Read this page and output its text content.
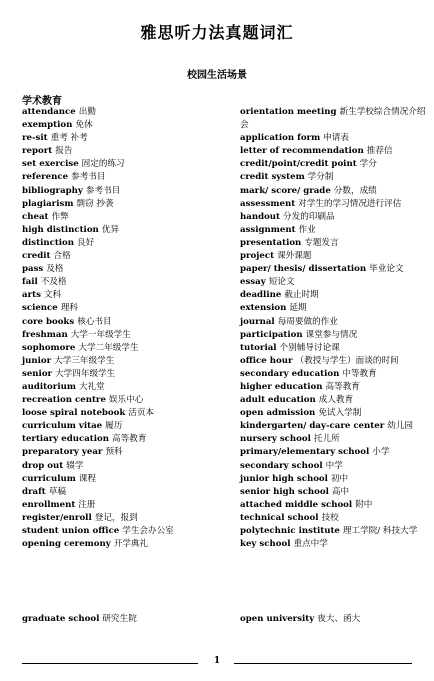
雅思听力法真题词汇
校园生活场景
学术教育
attendance 出勤
exemption 免休
re-sit 重考 补考
report 报告
set exercise 固定的练习
reference 参考书目
bibliography 参考书目
plagiarism 剽窃 抄袭
cheat 作弊
high distinction 优异
distinction 良好
credit 合格
pass 及格
fail 不及格
arts 文科
science 理科
core books 核心书目
freshman 大学一年级学生
sophomore 大学二年级学生
junior 大学三年级学生
senior 大学四年级学生
auditorium 大礼堂
recreation centre 娱乐中心
loose spiral notebook 活页本
curriculum vitae 履历
tertiary education 高等教育
preparatory year 预科
drop out 辍学
curriculum 课程
draft 草稿
enrollment 注册
register/enroll 登记，报到
student union office 学生会办公室
opening ceremony 开学典礼
orientation meeting 新生学校综合情况介绍会
application form 申请表
letter of recommendation 推荐信
credit/point/credit point 学分
credit system 学分制
mark/ score/ grade 分数，成绩
assessment 对学生的学习情况进行评估
handout 分发的印刷品
assignment 作业
presentation 专题发言
project 课外课题
paper/ thesis/ dissertation 毕业论文
essay 短论文
deadline 截止时期
extension 延期
journal 每周要做的作业
participation 课堂参与情况
tutorial 个别辅导讨论课
office hour （教授与学生）面谈的时间
secondary education 中等教育
higher education 高等教育
adult education 成人教育
open admission 免试入学制
kindergarten/ day-care center 幼儿园
nursery school 托儿所
primary/elementary school 小学
secondary school 中学
junior high school 初中
senior high school 高中
attached middle school 附中
technical school 技校
polytechnic institute 理工学院/ 科技大学
key school 重点中学
graduate school 研究生院	open university 夜大、函大
1
